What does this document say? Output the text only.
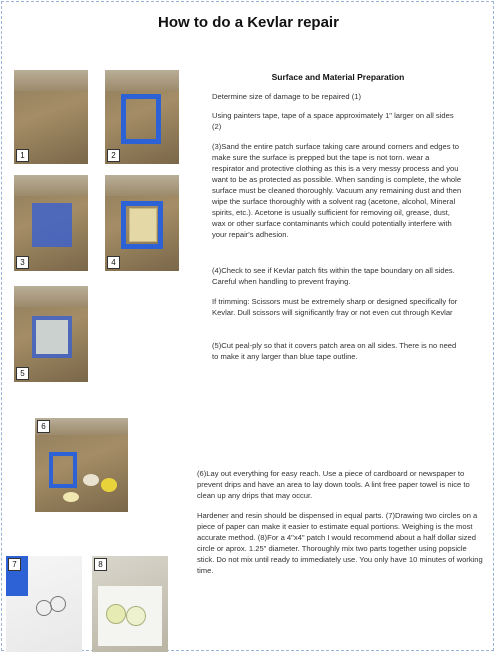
How to do a Kevlar repair
1	2
3	4
5
6
7	8
Surface and Material Preparation

Determine size of damage to be repaired (1)

Using painters tape, tape of a space approximately 1" larger on all sides (2)

(3)Sand the entire patch surface taking care around corners and edges to make sure the surface is prepped but the tape is not torn. wear a respirator and protective clothing as this is a very messy process and you want to be as protected as possible. When sanding is complete, the whole surface must be cleaned thoroughly. Vacuum any remaining dust and then wipe the surface thoroughly with a solvent rag (acetone, alcohol, Mineral spirits, etc.). Acetone is usually sufficient for removing oil, grease, dust, wax or other surface contaminants which could potentially interfere with your repair's adhesion.

(4)Check to see if Kevlar patch fits within the tape boundary on all sides. Careful when handling to prevent fraying.

If trimming: Scissors must be extremely sharp or designed specifically for Kevlar. Dull scissors will significantly fray or not even cut through Kevlar

(5)Cut peal-ply so that it covers patch area on all sides. There is no need to make it any larger than blue tape outline.

(6)Lay out everything for easy reach. Use a piece of cardboard or newspaper to prevent drips and have an area to lay down tools. A lint free paper towel is nice to clean up any drips that may occur.

Hardener and resin should be dispensed in equal parts. (7)Drawing two circles on a piece of paper can make it easier to estimate equal portions. Weighing is the most accurate method. (8)For a 4"x4" patch I would recommend about a half dollar sized circle or aprox. 1.25" diameter. Thoroughly mix two parts together using popsicle stick. Do not mix until ready to immediately use. You only have 10 minutes of working time.
